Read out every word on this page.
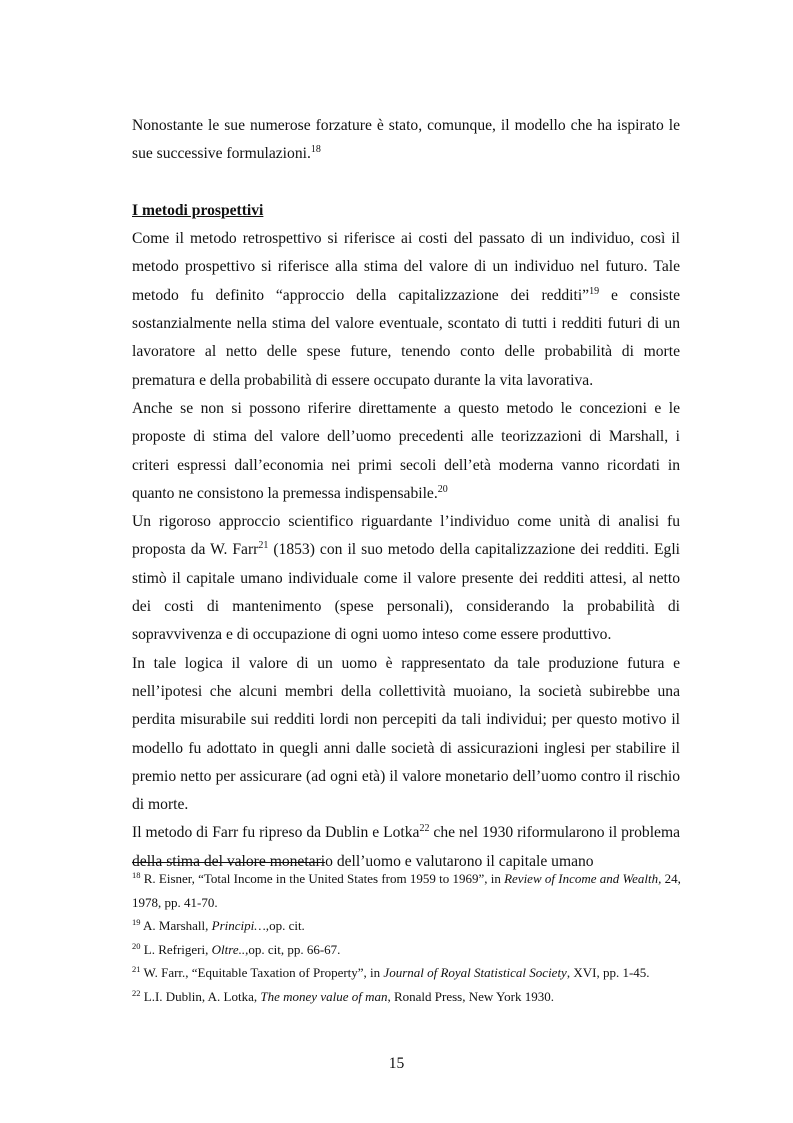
Nonostante le sue numerose forzature è stato, comunque, il modello che ha ispirato le sue successive formulazioni.$^{18}$

I metodi prospettivi

Come il metodo retrospettivo si riferisce ai costi del passato di un individuo, così il metodo prospettivo si riferisce alla stima del valore di un individuo nel futuro. Tale metodo fu definito “approccio della capitalizzazione dei redditi”$^{19}$ e consiste sostanzialmente nella stima del valore eventuale, scontato di tutti i redditi futuri di un lavoratore al netto delle spese future, tenendo conto delle probabilità di morte prematura e della probabilità di essere occupato durante la vita lavorativa.

Anche se non si possono riferire direttamente a questo metodo le concezioni e le proposte di stima del valore dell’uomo precedenti alle teorizzazioni di Marshall, i criteri espressi dall’economia nei primi secoli dell’età moderna vanno ricordati in quanto ne consistono la premessa indispensabile.$^{20}$

Un rigoroso approccio scientifico riguardante l’individuo come unità di analisi fu proposta da W. Farr$^{21}$ (1853) con il suo metodo della capitalizzazione dei redditi. Egli stimò il capitale umano individuale come il valore presente dei redditi attesi, al netto dei costi di mantenimento (spese personali), considerando la probabilità di sopravvivenza e di occupazione di ogni uomo inteso come essere produttivo.

In tale logica il valore di un uomo è rappresentato da tale produzione futura e nell’ipotesi che alcuni membri della collettività muoiano, la società subirebbe una perdita misurabile sui redditi lordi non percepiti da tali individui; per questo motivo il modello fu adottato in quegli anni dalle società di assicurazioni inglesi per stabilire il premio netto per assicurare (ad ogni età) il valore monetario dell’uomo contro il rischio di morte.

Il metodo di Farr fu ripreso da Dublin e Lotka$^{22}$ che nel 1930 riformularono il problema della stima del valore monetario dell’uomo e valutarono il capitale umano

$^{18}$ R. Eisner, “Total Income in the United States from 1959 to 1969”, in Review of Income and Wealth, 24, 1978, pp. 41-70.

$^{19}$ A. Marshall, Principi…,op. cit.

$^{20}$ L. Refrigeri, Oltre..,op. cit, pp. 66-67.

$^{21}$ W. Farr., “Equitable Taxation of Property”, in Journal of Royal Statistical Society, XVI, pp. 1-45.

$^{22}$ L.I. Dublin, A. Lotka, The money value of man, Ronald Press, New York 1930.

15
